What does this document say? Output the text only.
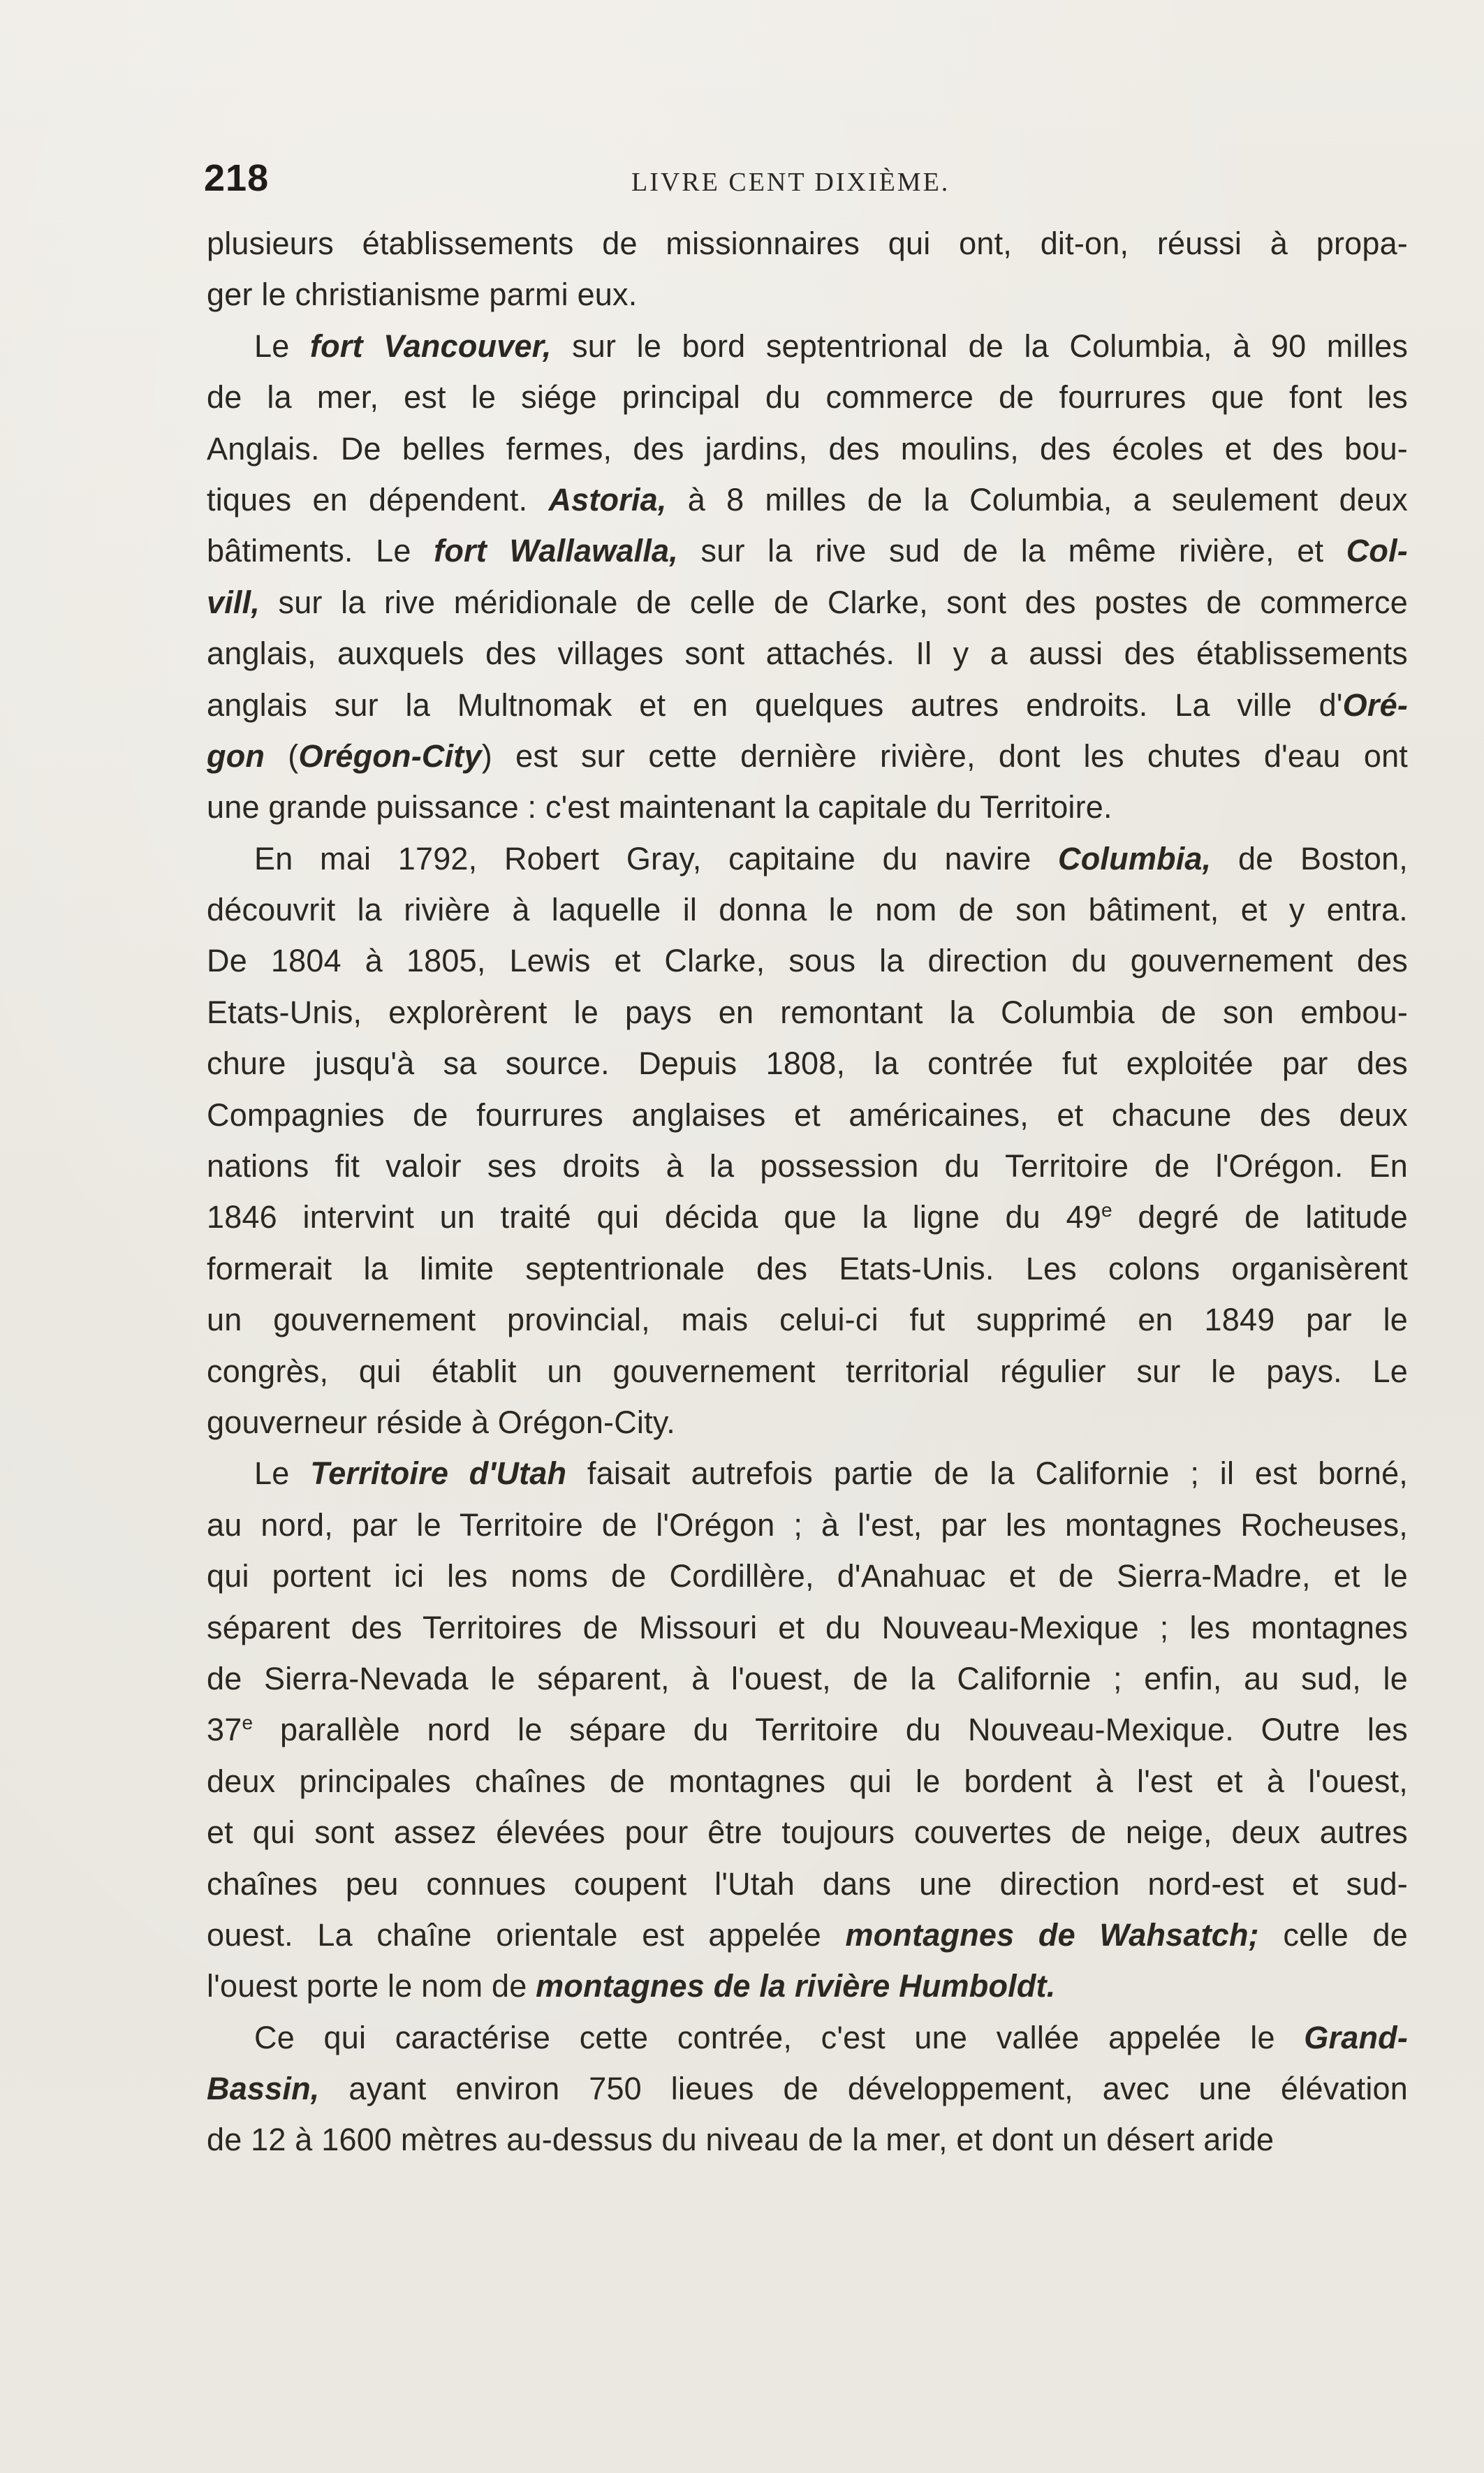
218	LIVRE CENT DIXIÈME.
plusieurs établissements de missionnaires qui ont, dit-on, réussi à propa-
ger le christianisme parmi eux.
Le fort Vancouver, sur le bord septentrional de la Columbia, à 90 milles
de la mer, est le siége principal du commerce de fourrures que font les
Anglais. De belles fermes, des jardins, des moulins, des écoles et des bou-
tiques en dépendent. Astoria, à 8 milles de la Columbia, a seulement deux
bâtiments. Le fort Wallawalla, sur la rive sud de la même rivière, et Col-
vill, sur la rive méridionale de celle de Clarke, sont des postes de commerce
anglais, auxquels des villages sont attachés. Il y a aussi des établissements
anglais sur la Multnomak et en quelques autres endroits. La ville d'Oré-
gon (Orégon-City) est sur cette dernière rivière, dont les chutes d'eau ont
une grande puissance : c'est maintenant la capitale du Territoire.
En mai 1792, Robert Gray, capitaine du navire Columbia, de Boston,
découvrit la rivière à laquelle il donna le nom de son bâtiment, et y entra.
De 1804 à 1805, Lewis et Clarke, sous la direction du gouvernement des
Etats-Unis, explorèrent le pays en remontant la Columbia de son embou-
chure jusqu'à sa source. Depuis 1808, la contrée fut exploitée par des
Compagnies de fourrures anglaises et américaines, et chacune des deux
nations fit valoir ses droits à la possession du Territoire de l'Orégon. En
1846 intervint un traité qui décida que la ligne du 49e degré de latitude
formerait la limite septentrionale des Etats-Unis. Les colons organisèrent
un gouvernement provincial, mais celui-ci fut supprimé en 1849 par le
congrès, qui établit un gouvernement territorial régulier sur le pays. Le
gouverneur réside à Orégon-City.
Le Territoire d'Utah faisait autrefois partie de la Californie ; il est borné,
au nord, par le Territoire de l'Orégon ; à l'est, par les montagnes Rocheuses,
qui portent ici les noms de Cordillère, d'Anahuac et de Sierra-Madre, et le
séparent des Territoires de Missouri et du Nouveau-Mexique ; les montagnes
de Sierra-Nevada le séparent, à l'ouest, de la Californie ; enfin, au sud, le
37e parallèle nord le sépare du Territoire du Nouveau-Mexique. Outre les
deux principales chaînes de montagnes qui le bordent à l'est et à l'ouest,
et qui sont assez élevées pour être toujours couvertes de neige, deux autres
chaînes peu connues coupent l'Utah dans une direction nord-est et sud-
ouest. La chaîne orientale est appelée montagnes de Wahsatch; celle de
l'ouest porte le nom de montagnes de la rivière Humboldt.
Ce qui caractérise cette contrée, c'est une vallée appelée le Grand-
Bassin, ayant environ 750 lieues de développement, avec une élévation
de 12 à 1600 mètres au-dessus du niveau de la mer, et dont un désert aride
